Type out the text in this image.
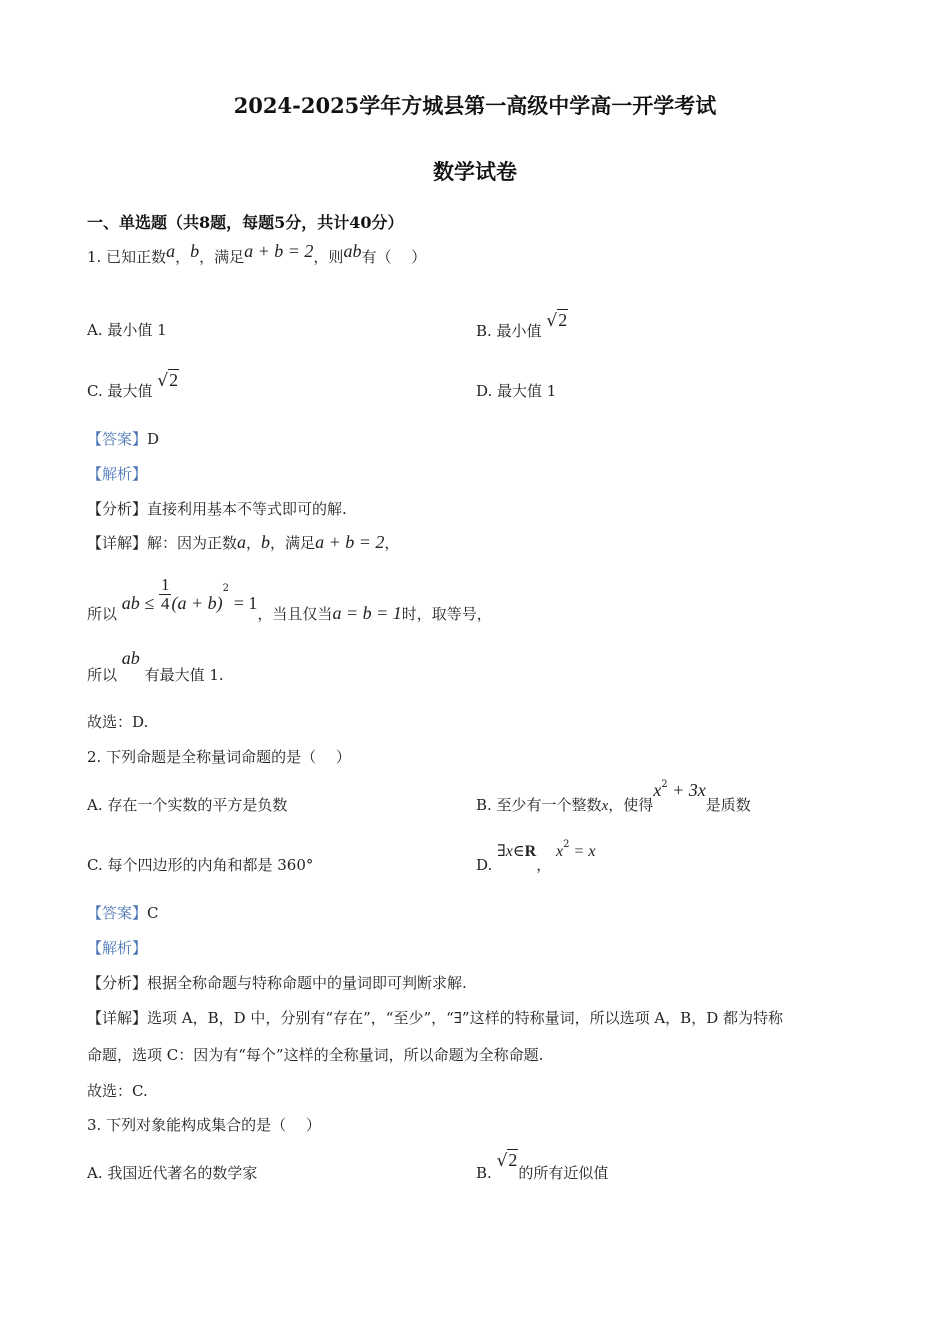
2024-2025学年方城县第一高级中学高一开学考试
数学试卷
一、单选题（共8题，每题5分，共计40分）
1. 已知正数a，b，满足a + b = 2，则ab有（　 ）
A. 最小值 1	B. 最小值 √2
C. 最大值 √2
D. 最大值 1
【答案】D
【解析】
【分析】直接利用基本不等式即可的解.
【详解】解：因为正数a，b，满足a + b = 2，
所以 ab ≤ $\frac{1}{4} (a + b)2 = 1$，当且仅当a = b = 1时，取等号，
所以 ab 有最大值 1.
故选：D.
2. 下列命题是全称量词命题的是（　 ）
A. 存在一个实数的平方是负数	B. 至少有一个整数x，使得$x^2 + 3x$是质数
C. 每个四边形的内角和都是 360°	D. ∃x∈R， $x^2 = x$
【答案】C
【解析】
【分析】根据全称命题与特称命题中的量词即可判断求解.
【详解】选项 A，B，D 中，分别有“存在”，“至少”，“∃”这样的特称量词，所以选项 A，B，D 都为特称
命题，选项 C：因为有“每个”这样的全称量词，所以命题为全称命题.
故选：C.
3. 下列对象能构成集合的是（　 ）
A. 我国近代著名的数学家	B. √2的所有近似值
